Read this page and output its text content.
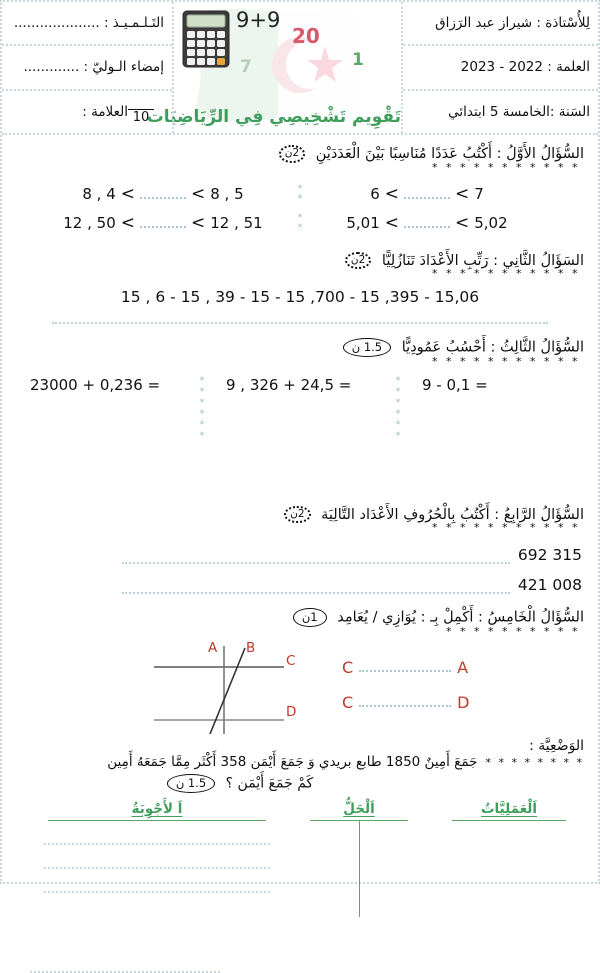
لِلأُسْتاذة : شيراز عبد الرَزاق
العلمة : 2022 - 2023
السَنة :الخامسة 5 ابتدائي
9+9
20
1
7
تَقْوِيم تَشْخِيصِي فِي الرِّيَاضِيَات
التَـلـمـيـذ : ....................
إمضاء الـوليّ : .............
10
العلامة :
السُّؤَالُ الأَوَّلُ : أَكْتُبُ عَدَدًا مُنَاسِبًا بَيْنَ الْعَدَدَيْنِ 2ن
* * * * * * * * * * *
8 , 4 <	< 8 , 5	*
*	6 <	< 7
12 , 50 <	< 12 , 51	*
*	5,01 <	< 5,02
السَؤَالُ الثَّانِي : رَتِّبِ الأَعْدَادَ تَنَازُلِيًّا 2ن
* * * * * * * * * * *
15 , 6 - 15 , 39 - 15 - 15 ,700 - 15 ,395 - 15,06
السُّؤَالُ الثَّالِثُ : أَحْسُبُ عَمُودِيًّا 1.5 ن
* * * * * * * * * * *
23000 + 0,236 =	*
*
*
*
*
*
9 , 326 + 24,5 =	*
*
*
*
*
*
9 - 0,1 =
السُّؤَالُ الرَّابِعُ : أَكْتُبُ بِالْحُرُوفِ الأَعْدَاد التَّالِيَة 2ن
* * * * * * * * * * *
692 315
421 008
السُّؤَالُ الْخَامِسُ : أَكْمِلْ بِـ : يُوَازِي / يُعَامِد 1ن
* * * * * * * * * *
A B
C
D
C	A
C	D
الوَضْعِيَّة :
* * * * * * * *
جَمَعَ أَمِينٌ 1850 طابع بريدي وَ جَمَعَ أَيْمَن 358 أَكْثَر مِمَّا جَمَعَهُ أَمِين
كَمْ جَمَعَ أَيْمَن ؟ 1.5 ن
اَلْعَمَلِيَّاتُ
اَلْحَلُّ
اَ لأَجْوِبَةُ
